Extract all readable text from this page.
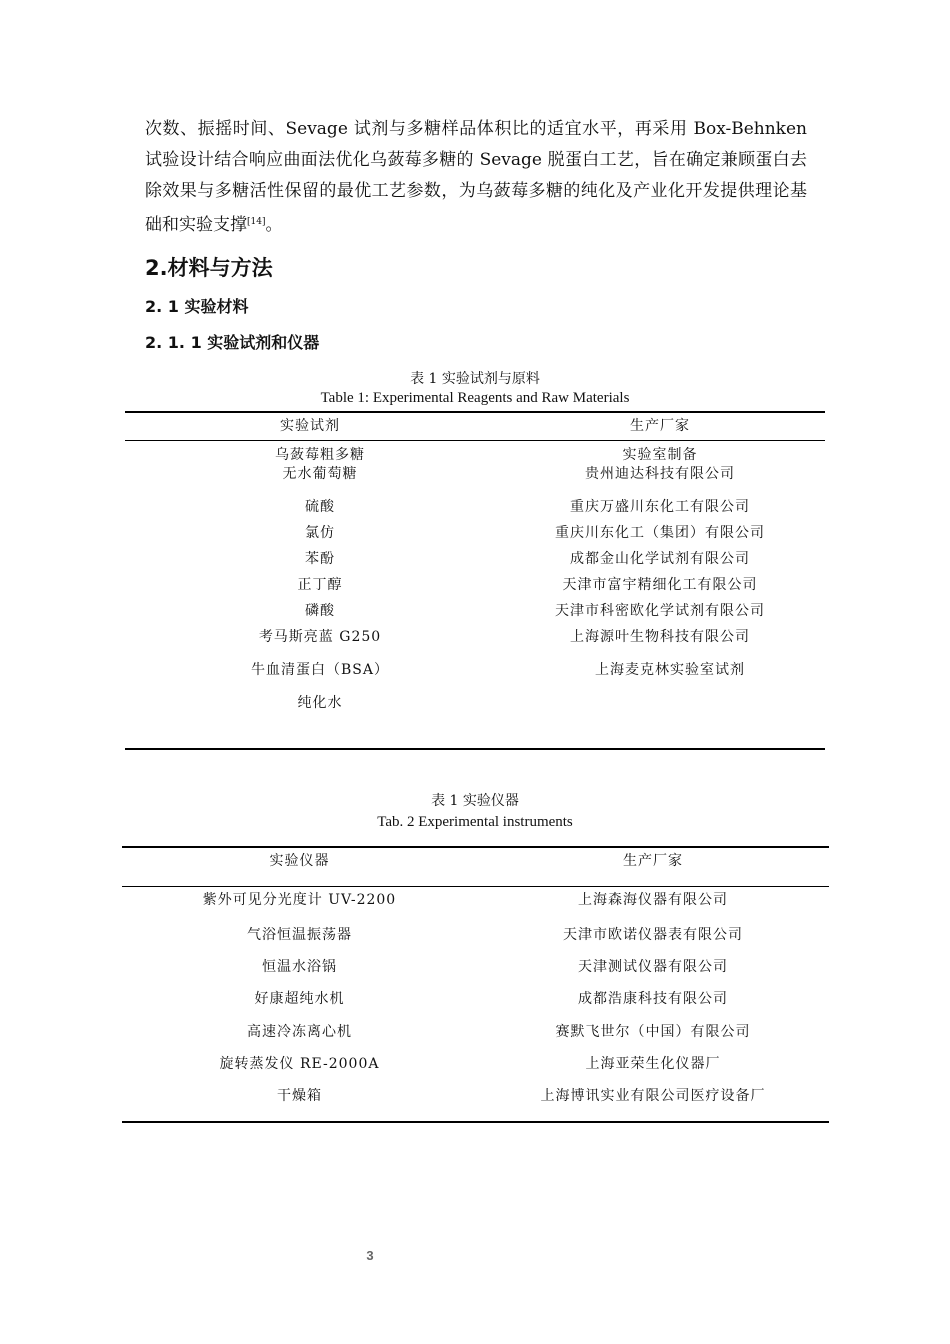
次数、振摇时间、Sevage 试剂与多糖样品体积比的适宜水平，再采用 Box-Behnken 试验设计结合响应曲面法优化乌蔹莓多糖的 Sevage 脱蛋白工艺，旨在确定兼顾蛋白去除效果与多糖活性保留的最优工艺参数，为乌蔹莓多糖的纯化及产业化开发提供理论基础和实验支撑[14]。
2.材料与方法
2. 1 实验材料
2. 1. 1 实验试剂和仪器
表 1 实验试剂与原料
Table 1: Experimental Reagents and Raw Materials
实验试剂	生产厂家
乌蔹莓粗多糖	实验室制备
无水葡萄糖	贵州迪达科技有限公司
硫酸	重庆万盛川东化工有限公司
氯仿	重庆川东化工（集团）有限公司
苯酚	成都金山化学试剂有限公司
正丁醇	天津市富宇精细化工有限公司
磷酸	天津市科密欧化学试剂有限公司
考马斯亮蓝 G250	上海源叶生物科技有限公司
牛血清蛋白（BSA）	上海麦克林实验室试剂
纯化水
表 1 实验仪器
Tab. 2 Experimental instruments
实验仪器	生产厂家
紫外可见分光度计 UV-2200	上海森海仪器有限公司
气浴恒温振荡器	天津市欧诺仪器表有限公司
恒温水浴锅	天津测试仪器有限公司
好康超纯水机	成都浩康科技有限公司
高速冷冻离心机	赛默飞世尔（中国）有限公司
旋转蒸发仪 RE-2000A	上海亚荣生化仪器厂
干燥箱	上海博讯实业有限公司医疗设备厂
3
